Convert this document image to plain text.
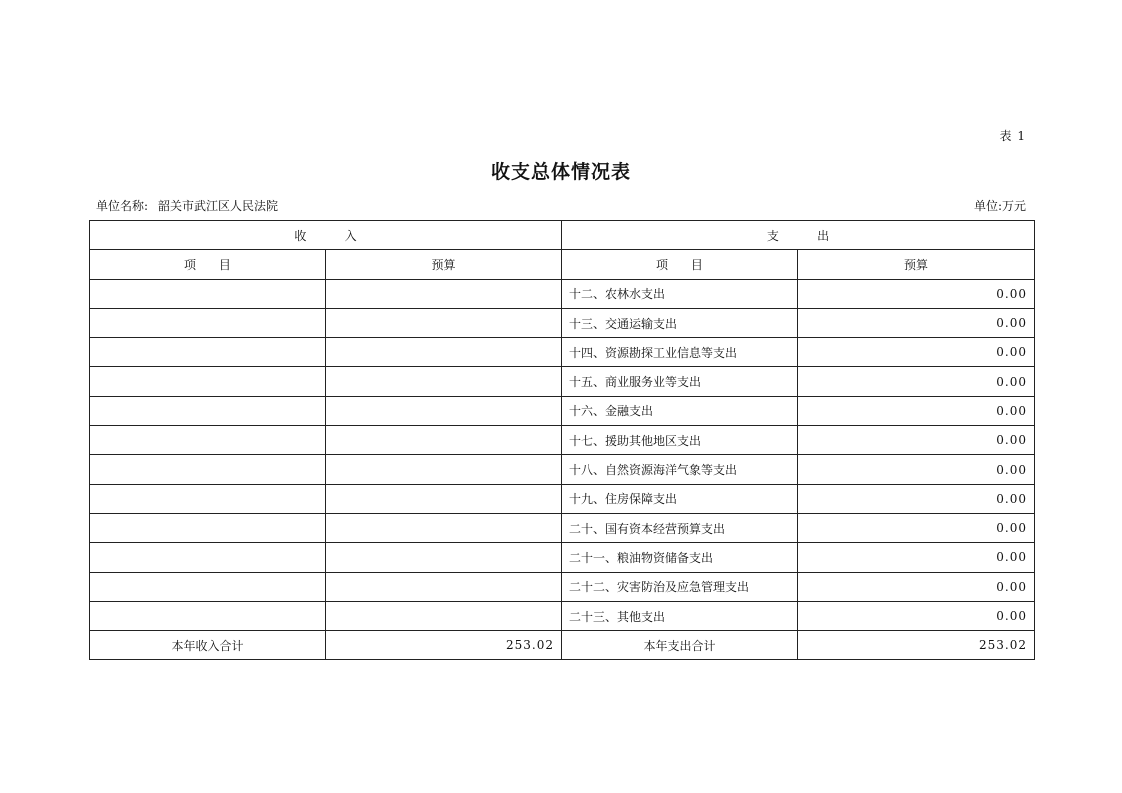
表 1
收支总体情况表
单位名称: 韶关市武江区人民法院	单位:万元
收          入		支          出	
项      目	预算	项      目	预算
		十二、农林水支出	0.00
		十三、交通运输支出	0.00
		十四、资源勘探工业信息等支出	0.00
		十五、商业服务业等支出	0.00
		十六、金融支出	0.00
		十七、援助其他地区支出	0.00
		十八、自然资源海洋气象等支出	0.00
		十九、住房保障支出	0.00
		二十、国有资本经营预算支出	0.00
		二十一、粮油物资储备支出	0.00
		二十二、灾害防治及应急管理支出	0.00
		二十三、其他支出	0.00
本年收入合计	253.02	本年支出合计	253.02
